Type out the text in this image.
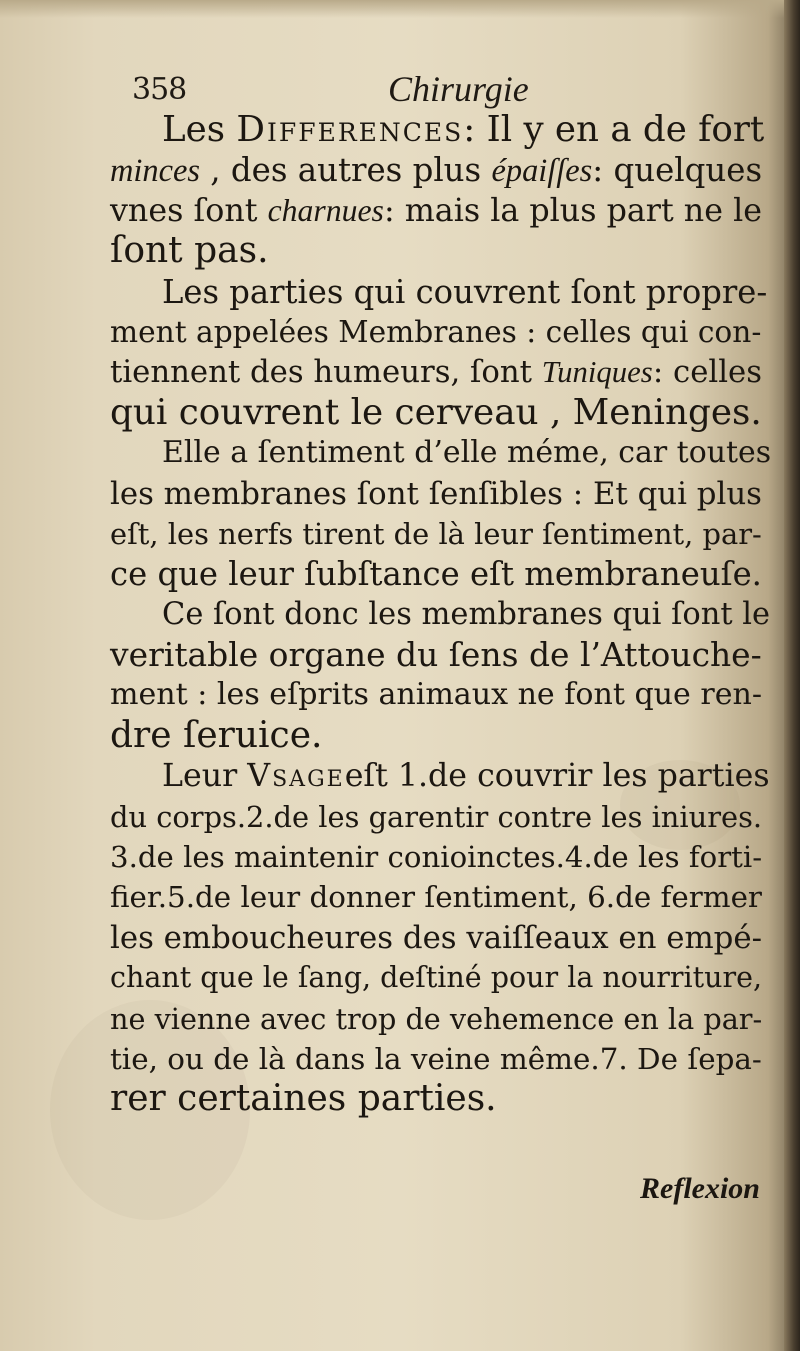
358	Chirurgie
Les Differences : Il y en a de fort
minces , des autres plus épaiſſes : quelques
vnes ſont charnues : mais la plus part ne le
ſont pas.
Les parties qui couvrent ſont propre-
ment appelées Membranes : celles qui con-
tiennent des humeurs, ſont Tuniques : celles
qui couvrent le cerveau , Meninges.
Elle a ſentiment d’elle méme, car toutes
les membranes ſont ſenſibles : Et qui plus
eſt, les nerfs tirent de là leur ſentiment, par-
ce que leur ſubſtance eſt membraneuſe.
Ce ſont donc les membranes qui ſont le
veritable organe du ſens de l’Attouche-
ment : les eſprits animaux ne font que ren-
dre ſeruice.
Leur Vsage eſt 1.de couvrir les parties
du corps.2.de les garentir contre les iniures.
3.de les maintenir conioinctes.4.de les forti-
fier.5.de leur donner ſentiment, 6.de fermer
les emboucheures des vaiſſeaux en empé-
chant que le ſang, deſtiné pour la nourriture,
ne vienne avec trop de vehemence en la par-
tie, ou de là dans la veine même.7. De ſepa-
rer certaines parties.
Reflexion
